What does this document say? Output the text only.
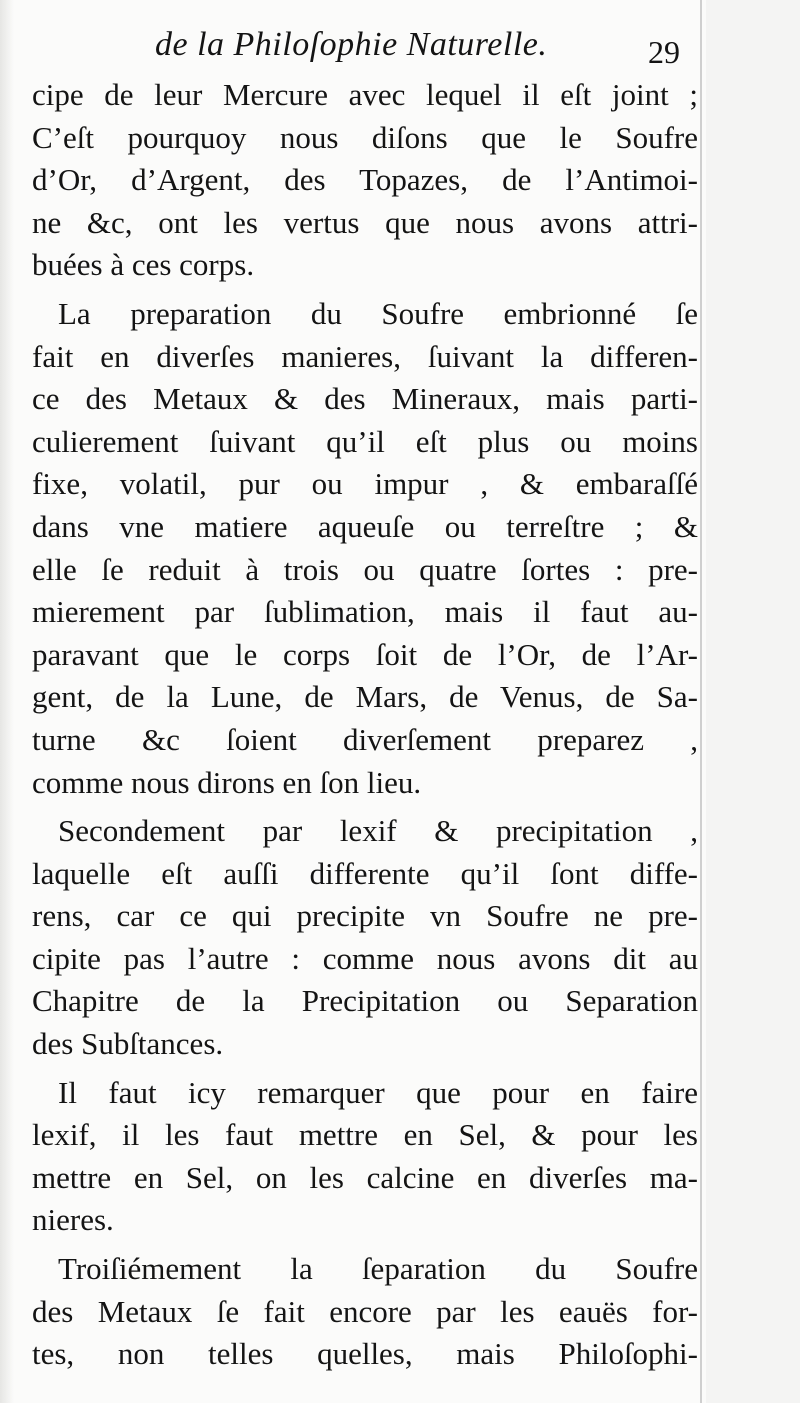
de la Philoſophie Naturelle.	29
cipe de leur Mercure avec lequel il eſt joint ;
C’eſt pourquoy nous diſons que le Soufre
d’Or, d’Argent, des Topazes, de l’Antimoi-
ne &c, ont les vertus que nous avons attri-
buées à ces corps.
La preparation du Soufre embrionné ſe
fait en diverſes manieres, ſuivant la differen-
ce des Metaux & des Mineraux, mais parti-
culierement ſuivant qu’il eſt plus ou moins
fixe, volatil, pur ou impur , & embaraſſé
dans vne matiere aqueuſe ou terreſtre ; &
elle ſe reduit à trois ou quatre ſortes : pre-
mierement par ſublimation, mais il faut au-
paravant que le corps ſoit de l’Or, de l’Ar-
gent, de la Lune, de Mars, de Venus, de Sa-
turne &c ſoient diverſement preparez ,
comme nous dirons en ſon lieu.
Secondement par lexif & precipitation ,
laquelle eſt auſſi differente qu’il ſont diffe-
rens, car ce qui precipite vn Soufre ne pre-
cipite pas l’autre : comme nous avons dit au
Chapitre de la Precipitation ou Separation
des Subſtances.
Il faut icy remarquer que pour en faire
lexif, il les faut mettre en Sel, & pour les
mettre en Sel, on les calcine en diverſes ma-
nieres.
Troiſiémement la ſeparation du Soufre
des Metaux ſe fait encore par les eauës for-
tes, non telles quelles, mais Philoſophi-
